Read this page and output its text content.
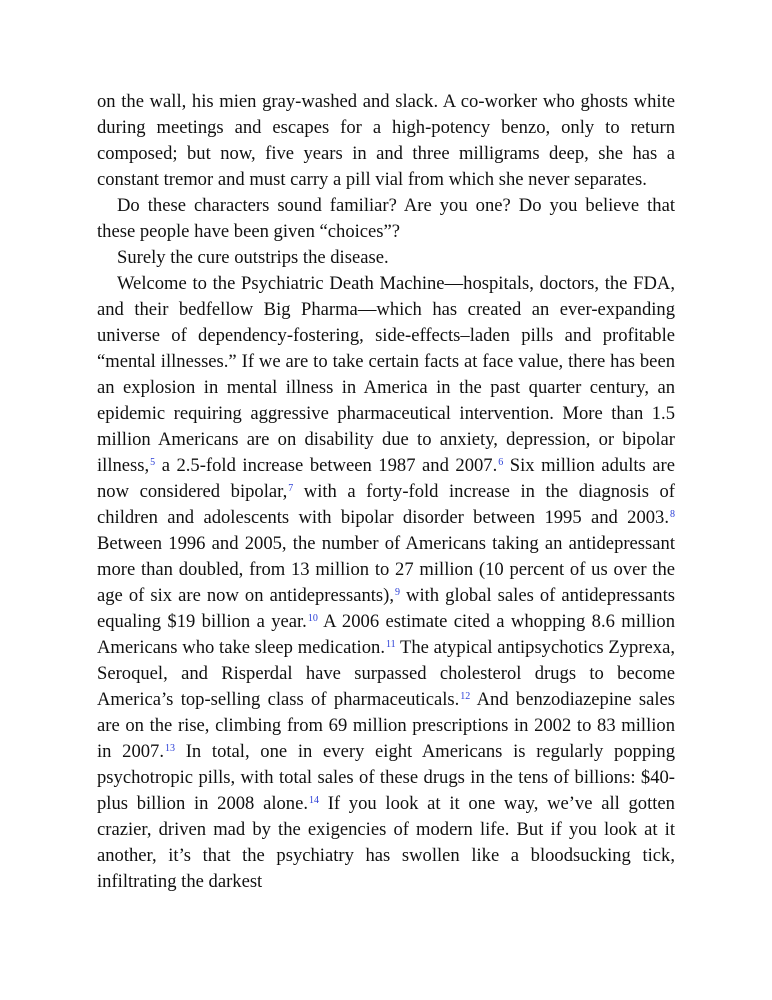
on the wall, his mien gray-washed and slack. A co-worker who ghosts white during meetings and escapes for a high-potency benzo, only to return composed; but now, five years in and three milligrams deep, she has a constant tremor and must carry a pill vial from which she never separates.

Do these characters sound familiar? Are you one? Do you believe that these people have been given “choices”?

Surely the cure outstrips the disease.

Welcome to the Psychiatric Death Machine—hospitals, doctors, the FDA, and their bedfellow Big Pharma—which has created an ever-expanding universe of dependency-fostering, side-effects–laden pills and profitable “mental illnesses.” If we are to take certain facts at face value, there has been an explosion in mental illness in America in the past quarter century, an epidemic requiring aggressive pharmaceutical intervention. More than 1.5 million Americans are on disability due to anxiety, depression, or bipolar illness,$^5$ a 2.5-fold increase between 1987 and 2007.$^6$ Six million adults are now considered bipolar,$^7$ with a forty-fold increase in the diagnosis of children and adolescents with bipolar disorder between 1995 and 2003.$^8$ Between 1996 and 2005, the number of Americans taking an antidepressant more than doubled, from 13 million to 27 million (10 percent of us over the age of six are now on antidepressants),$^9$ with global sales of antidepressants equaling $19 billion a year.$^{10}$ A 2006 estimate cited a whopping 8.6 million Americans who take sleep medication.$^{11}$ The atypical antipsychotics Zyprexa, Seroquel, and Risperdal have surpassed cholesterol drugs to become America’s top-selling class of pharmaceuticals.$^{12}$ And benzodiazepine sales are on the rise, climbing from 69 million prescriptions in 2002 to 83 million in 2007.13 In total, one in every eight Americans is regularly popping psychotropic pills, with total sales of these drugs in the tens of billions: $40-plus billion in 2008 alone.$^{14}$ If you look at it one way, we’ve all gotten crazier, driven mad by the exigencies of modern life. But if you look at it another, it’s that the psychiatry has swollen like a bloodsucking tick, infiltrating the darkest
